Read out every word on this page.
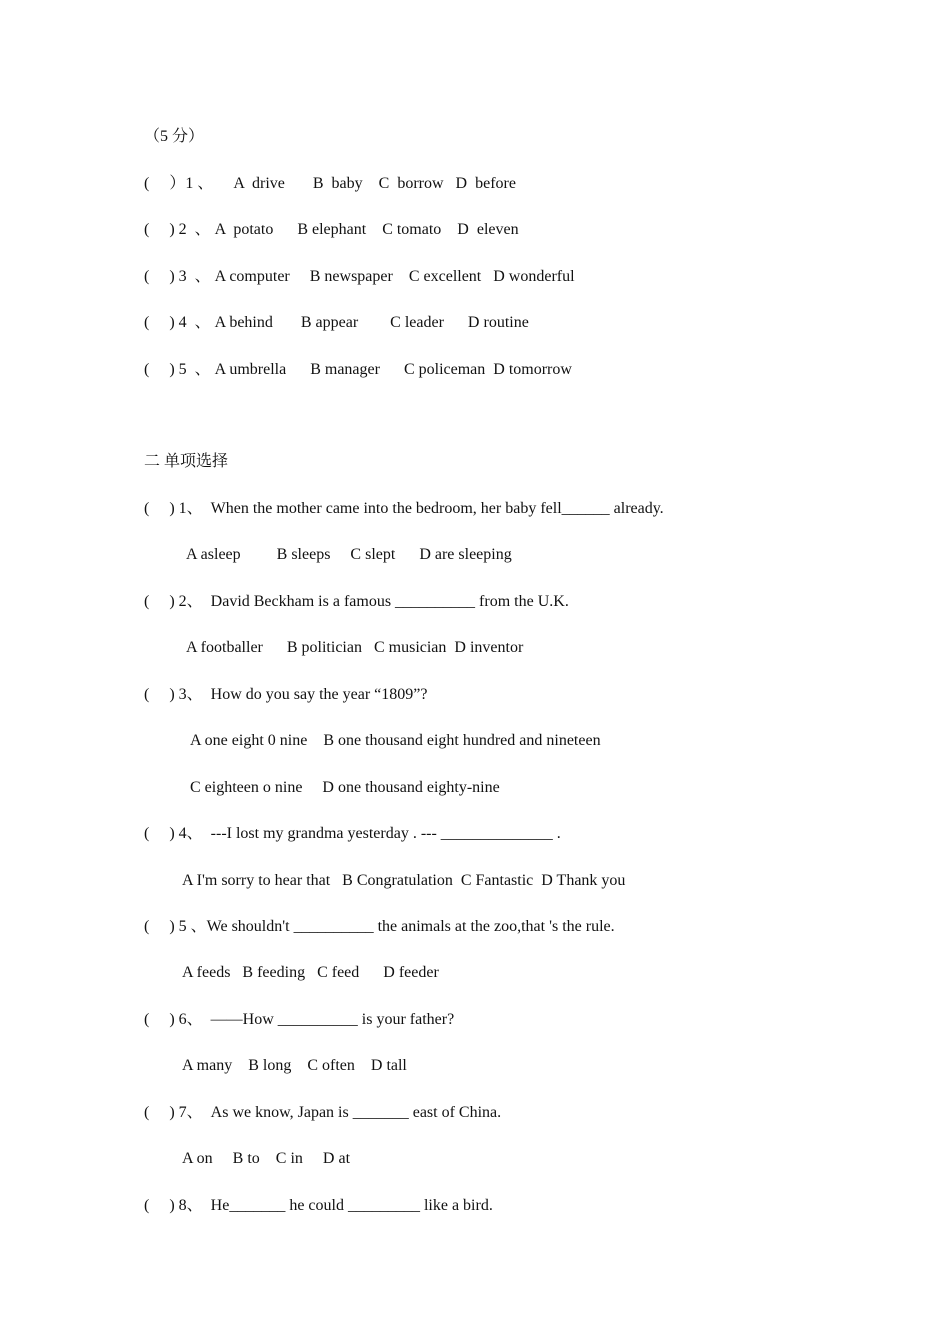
（5 分）
(     ）1 、     A  drive       B  baby    C  borrow   D  before
(     ) 2  、 A  potato      B elephant    C tomato    D  eleven
(     ) 3  、 A computer     B newspaper    C excellent   D wonderful
(     ) 4  、 A behind       B appear        C leader      D routine
(     ) 5  、 A umbrella      B manager      C policeman  D tomorrow
二 单项选择
(     ) 1、  When the mother came into the bedroom, her baby fell______ already.
A asleep         B sleeps     C slept      D are sleeping
(     ) 2、  David Beckham is a famous __________ from the U.K.
A footballer      B politician   C musician  D inventor
(     ) 3、  How do you say the year “1809”?
A one eight 0 nine    B one thousand eight hundred and nineteen
C eighteen o nine     D one thousand eighty-nine
(     ) 4、  ---I lost my grandma yesterday . --- ______________ .
A I'm sorry to hear that   B Congratulation  C Fantastic  D Thank you
(     ) 5 、We shouldn't __________ the animals at the zoo,that 's the rule.
A feeds   B feeding   C feed      D feeder
(     ) 6、  ——How __________ is your father?
A many    B long    C often    D tall
(     ) 7、  As we know, Japan is _______ east of China.
A on     B to    C in     D at
(     ) 8、  He_______ he could _________ like a bird.
